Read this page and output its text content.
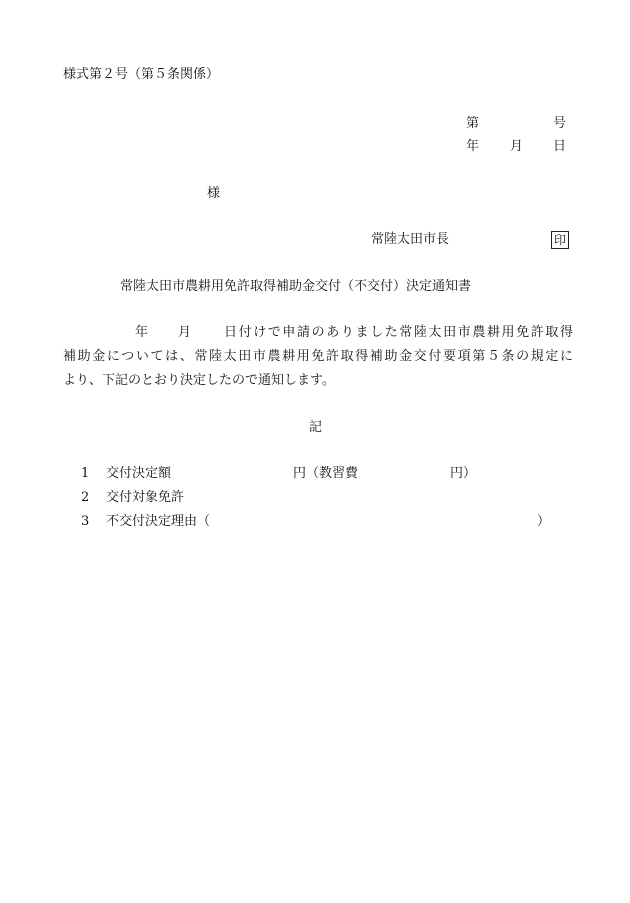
様式第２号（第５条関係）
第	号
年 月 日
様
常陸太田市長	印
常陸太田市農耕用免許取得補助金交付（不交付）決定通知書
年 月	日付けで申請のありました常陸太田市農耕用免許取得
補助金については、常陸太田市農耕用免許取得補助金交付要項第５条の規定に
より、下記のとおり決定したので通知します。
記
1 交付決定額	円（教習費	円）
2 交付対象免許
3 不交付決定理由（	）
